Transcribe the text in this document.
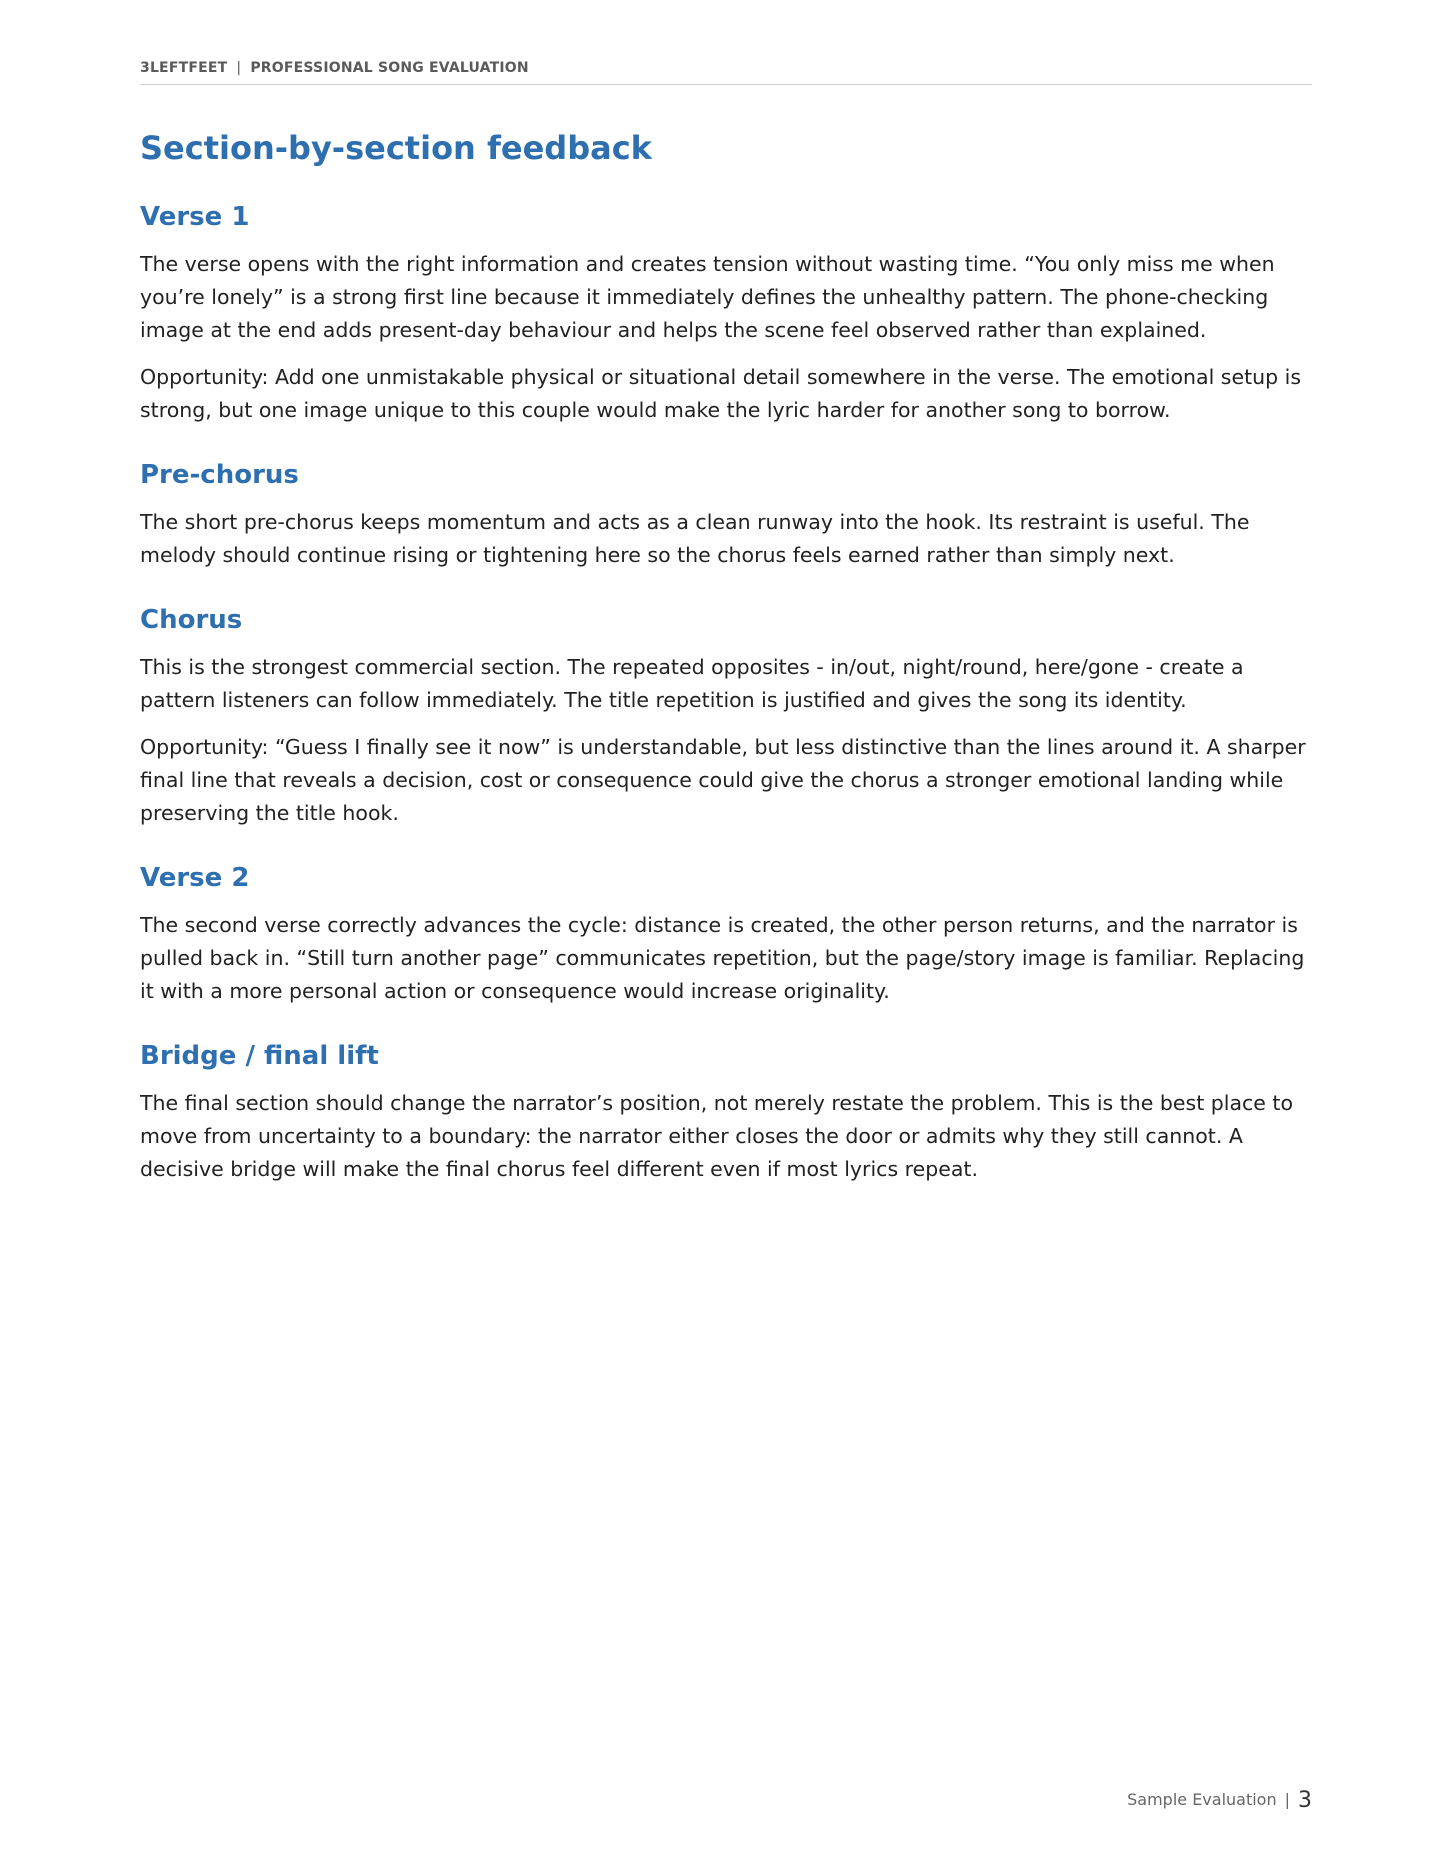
3LEFTFEET | PROFESSIONAL SONG EVALUATION
Section-by-section feedback
Verse 1

The verse opens with the right information and creates tension without wasting time. “You only miss me when you’re lonely” is a strong first line because it immediately defines the unhealthy pattern. The phone-checking image at the end adds present-day behaviour and helps the scene feel observed rather than explained.

Opportunity: Add one unmistakable physical or situational detail somewhere in the verse. The emotional setup is strong, but one image unique to this couple would make the lyric harder for another song to borrow.

Pre-chorus

The short pre-chorus keeps momentum and acts as a clean runway into the hook. Its restraint is useful. The melody should continue rising or tightening here so the chorus feels earned rather than simply next.

Chorus

This is the strongest commercial section. The repeated opposites - in/out, night/round, here/gone - create a pattern listeners can follow immediately. The title repetition is justified and gives the song its identity.

Opportunity: “Guess I finally see it now” is understandable, but less distinctive than the lines around it. A sharper final line that reveals a decision, cost or consequence could give the chorus a stronger emotional landing while preserving the title hook.

Verse 2

The second verse correctly advances the cycle: distance is created, the other person returns, and the narrator is pulled back in. “Still turn another page” communicates repetition, but the page/story image is familiar. Replacing it with a more personal action or consequence would increase originality.

Bridge / final lift

The final section should change the narrator’s position, not merely restate the problem. This is the best place to move from uncertainty to a boundary: the narrator either closes the door or admits why they still cannot. A decisive bridge will make the final chorus feel different even if most lyrics repeat.

Sample Evaluation | 3
